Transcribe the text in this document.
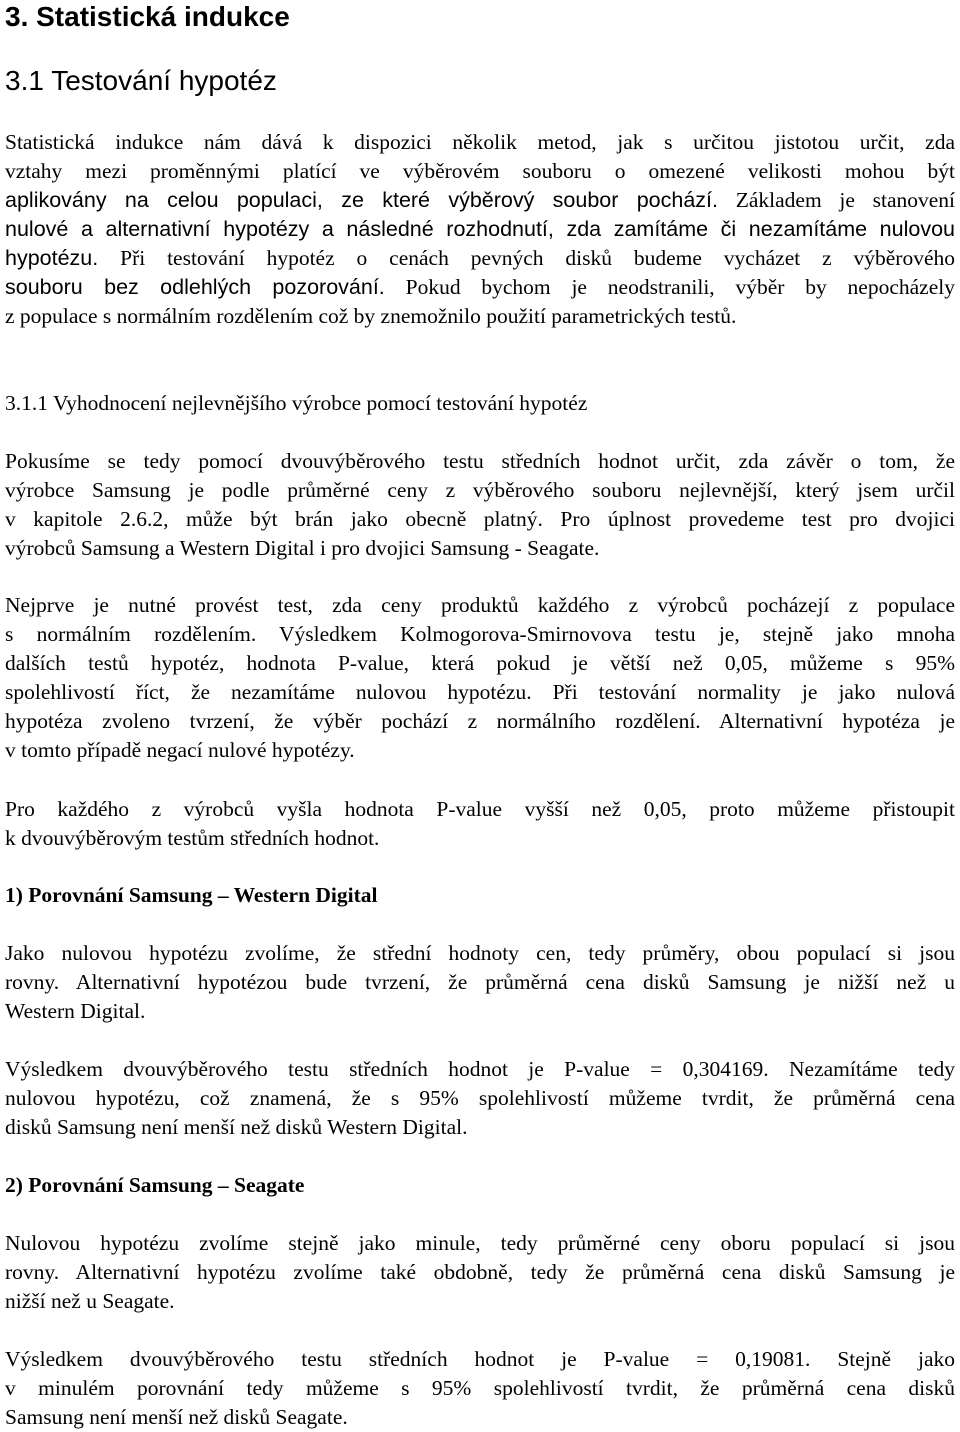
3. Statistická indukce
3.1 Testování hypotéz
Statistická indukce nám dává k dispozici několik metod, jak s určitou jistotou určit, zda
vztahy mezi proměnnými platící ve výběrovém souboru o omezené velikosti mohou být
aplikovány na celou populaci, ze které výběrový soubor pochází. Základem je stanovení
nulové a alternativní hypotézy a následné rozhodnutí, zda zamítáme či nezamítáme nulovou
hypotézu. Při testování hypotéz o cenách pevných disků budeme vycházet z výběrového
souboru bez odlehlých pozorování. Pokud bychom je neodstranili, výběr by nepocházely
z populace s normálním rozdělením což by znemožnilo použití parametrických testů.
3.1.1 Vyhodnocení nejlevnějšího výrobce pomocí testování hypotéz
Pokusíme se tedy pomocí dvouvýběrového testu středních hodnot určit, zda závěr o tom, že
výrobce Samsung je podle průměrné ceny z výběrového souboru nejlevnější, který jsem určil
v kapitole 2.6.2, může být brán jako obecně platný. Pro úplnost provedeme test pro dvojici
výrobců Samsung a Western Digital i pro dvojici Samsung - Seagate.
Nejprve je nutné provést test, zda ceny produktů každého z výrobců pocházejí z populace
s normálním rozdělením. Výsledkem Kolmogorova-Smirnovova testu je, stejně jako mnoha
dalších testů hypotéz, hodnota P-value, která pokud je větší než 0,05, můžeme s 95%
spolehlivostí říct, že nezamítáme nulovou hypotézu. Při testování normality je jako nulová
hypotéza zvoleno tvrzení, že výběr pochází z normálního rozdělení. Alternativní hypotéza je
v tomto případě negací nulové hypotézy.
Pro každého z výrobců vyšla hodnota P-value vyšší než 0,05, proto můžeme přistoupit
k dvouvýběrovým testům středních hodnot.
1) Porovnání Samsung – Western Digital
Jako nulovou hypotézu zvolíme, že střední hodnoty cen, tedy průměry, obou populací si jsou
rovny. Alternativní hypotézou bude tvrzení, že průměrná cena disků Samsung je nižší než u
Western Digital.
Výsledkem dvouvýběrového testu středních hodnot je P-value = 0,304169. Nezamítáme tedy
nulovou hypotézu, což znamená, že s 95% spolehlivostí můžeme tvrdit, že průměrná cena
disků Samsung není menší než disků Western Digital.
2) Porovnání Samsung – Seagate
Nulovou hypotézu zvolíme stejně jako minule, tedy průměrné ceny oboru populací si jsou
rovny. Alternativní hypotézu zvolíme také obdobně, tedy že průměrná cena disků Samsung je
nižší než u Seagate.
Výsledkem dvouvýběrového testu středních hodnot je P-value = 0,19081. Stejně jako
v minulém porovnání tedy můžeme s 95% spolehlivostí tvrdit, že průměrná cena disků
Samsung není menší než disků Seagate.
